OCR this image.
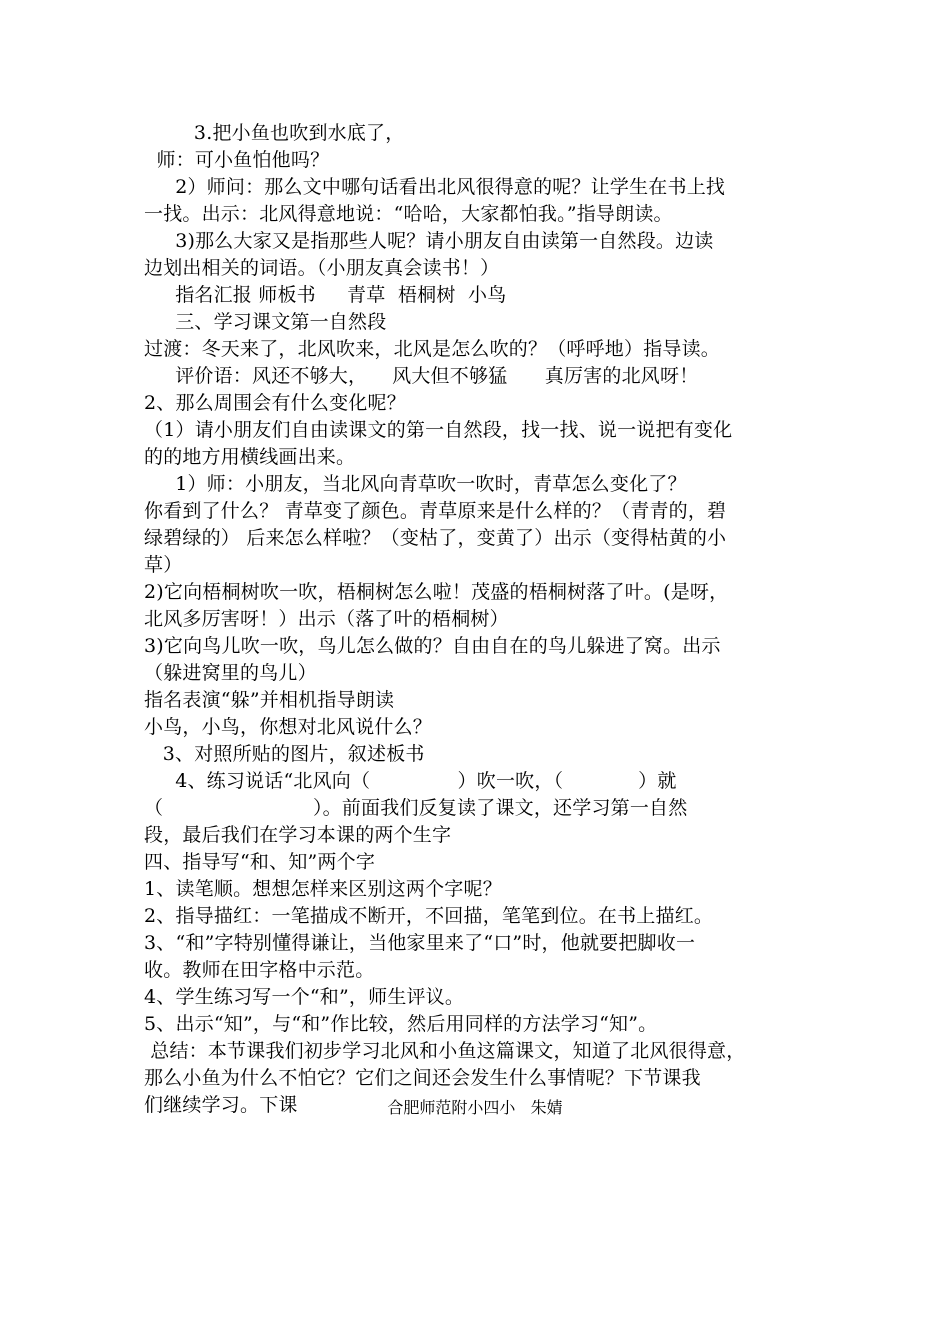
3.把小鱼也吹到水底了，
师：可小鱼怕他吗？
2）师问：那么文中哪句话看出北风很得意的呢？让学生在书上找
一找。出示：北风得意地说：“哈哈，大家都怕我。”指导朗读。
3)那么大家又是指那些人呢？请小朋友自由读第一自然段。边读
边划出相关的词语。（小朋友真会读书！）
指名汇报 师板书     青草  梧桐树  小鸟
三、学习课文第一自然段
过渡：冬天来了，北风吹来，北风是怎么吹的？（呼呼地）指导读。
评价语：风还不够大，    风大但不够猛      真厉害的北风呀！
2、那么周围会有什么变化呢？
（1）请小朋友们自由读课文的第一自然段，找一找、说一说把有变化
的的地方用横线画出来。
1）师：小朋友，当北风向青草吹一吹时，青草怎么变化了？
你看到了什么？ 青草变了颜色。青草原来是什么样的？（青青的，碧
绿碧绿的） 后来怎么样啦？（变枯了，变黄了）出示（变得枯黄的小
草）
2)它向梧桐树吹一吹，梧桐树怎么啦！茂盛的梧桐树落了叶。(是呀，
北风多厉害呀！）出示（落了叶的梧桐树）
3)它向鸟儿吹一吹，鸟儿怎么做的？自由自在的鸟儿躲进了窝。出示
（躲进窝里的鸟儿）
指名表演“躲”并相机指导朗读
小鸟，小鸟，你想对北风说什么？
3、对照所贴的图片，叙述板书
4、练习说话“北风向（              ）吹一吹，（            ）就
（                        ）。前面我们反复读了课文，还学习第一自然
段，最后我们在学习本课的两个生字
四、指导写“和、知”两个字
1、读笔顺。想想怎样来区别这两个字呢？
2、指导描红：一笔描成不断开，不回描，笔笔到位。在书上描红。
3、“和”字特别懂得谦让，当他家里来了“口”时，他就要把脚收一
收。教师在田字格中示范。
4、学生练习写一个“和”，师生评议。
5、出示“知”，与“和”作比较，然后用同样的方法学习“知”。
总结：本节课我们初步学习北风和小鱼这篇课文，知道了北风很得意，
那么小鱼为什么不怕它？它们之间还会发生什么事情呢？下节课我
们继续学习。下课	合肥师范附小四小   朱婧
